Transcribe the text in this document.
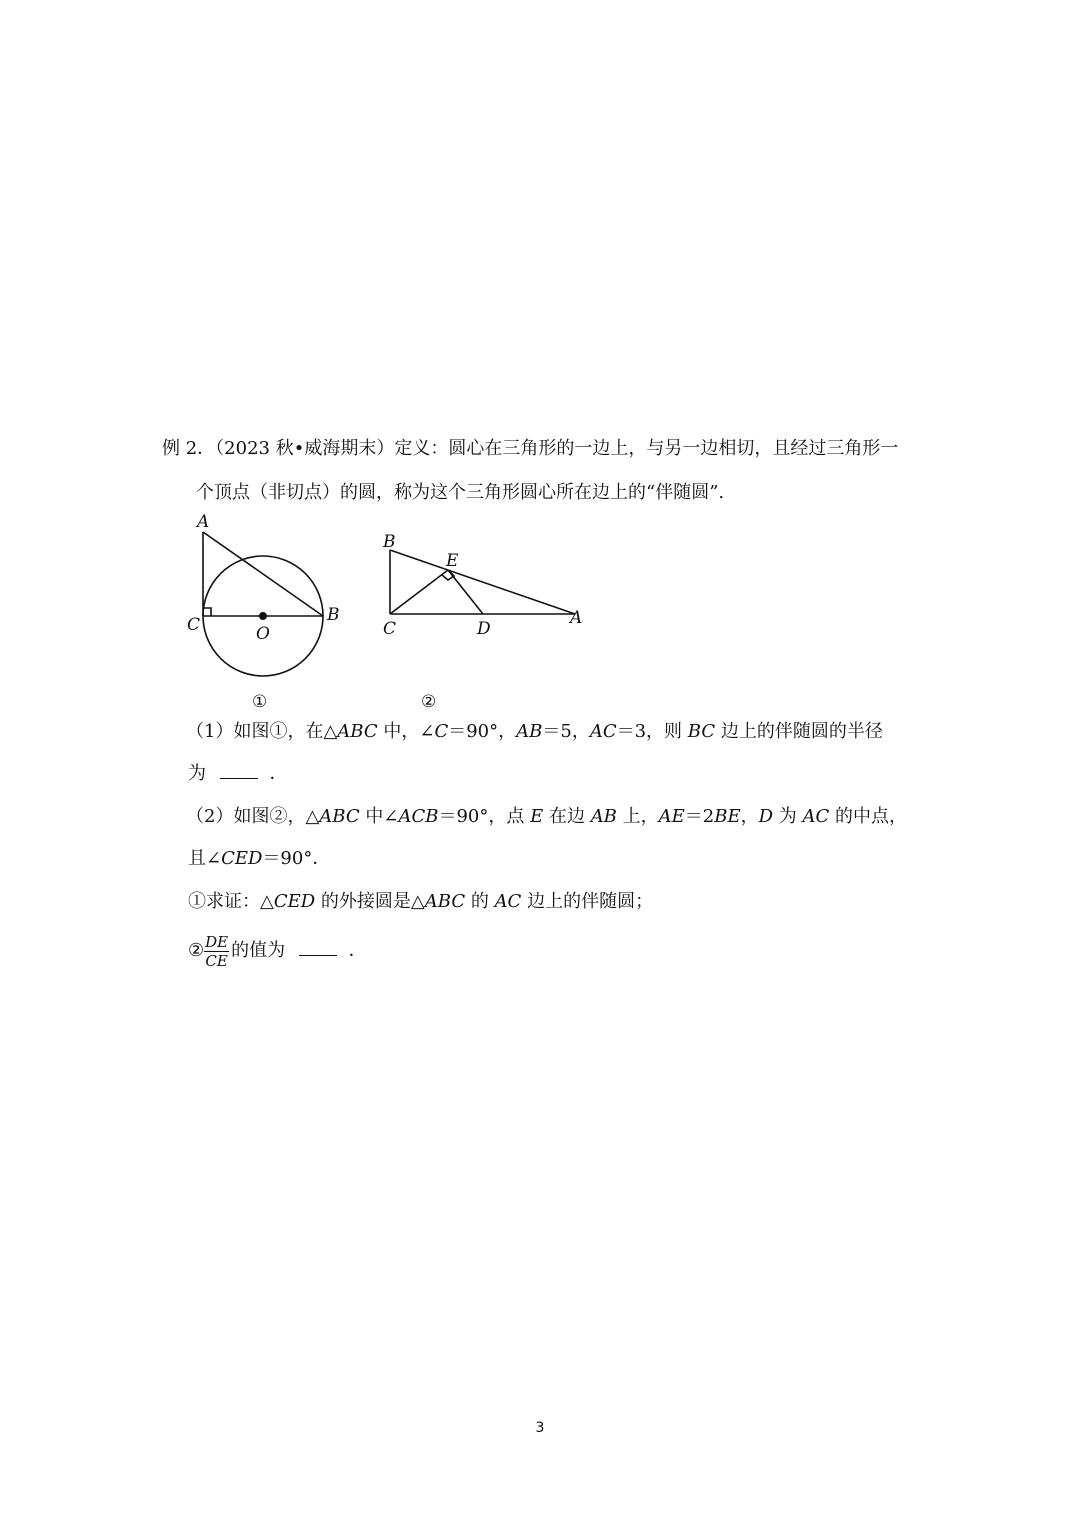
例 2．（2023 秋•威海期末）定义：圆心在三角形的一边上，与另一边相切，且经过三角形一
个顶点（非切点）的圆，称为这个三角形圆心所在边上的“伴随圆”.
A
C	O
B
①
B
E
C	D
A
②
（1）如图①，在△ABC 中，∠C＝90°，AB＝5，AC＝3，则 BC 边上的伴随圆的半径
为	．
（2）如图②，△ABC 中∠ACB＝90°，点 E 在边 AB 上，AE＝2BE，D 为 AC 的中点，
且∠CED＝90°．
①求证：△CED 的外接圆是△ABC 的 AC 边上的伴随圆；
② $\frac{DE}{CE}$ 的值为	．
3
